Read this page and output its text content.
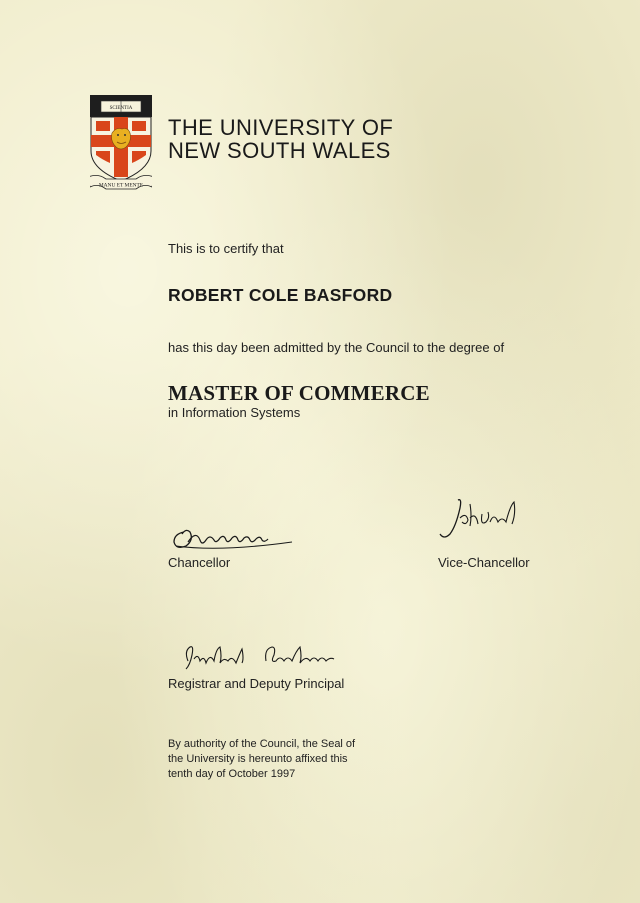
SCIENTIA
MANU ET MENTE
THE UNIVERSITY OF
NEW SOUTH WALES
This is to certify that
ROBERT COLE BASFORD
has this day been admitted by the Council to the degree of
MASTER OF COMMERCE
in Information Systems
Chancellor	Vice-Chancellor
Registrar and Deputy Principal
By authority of the Council, the Seal of
the University is hereunto affixed this
tenth day of October 1997
